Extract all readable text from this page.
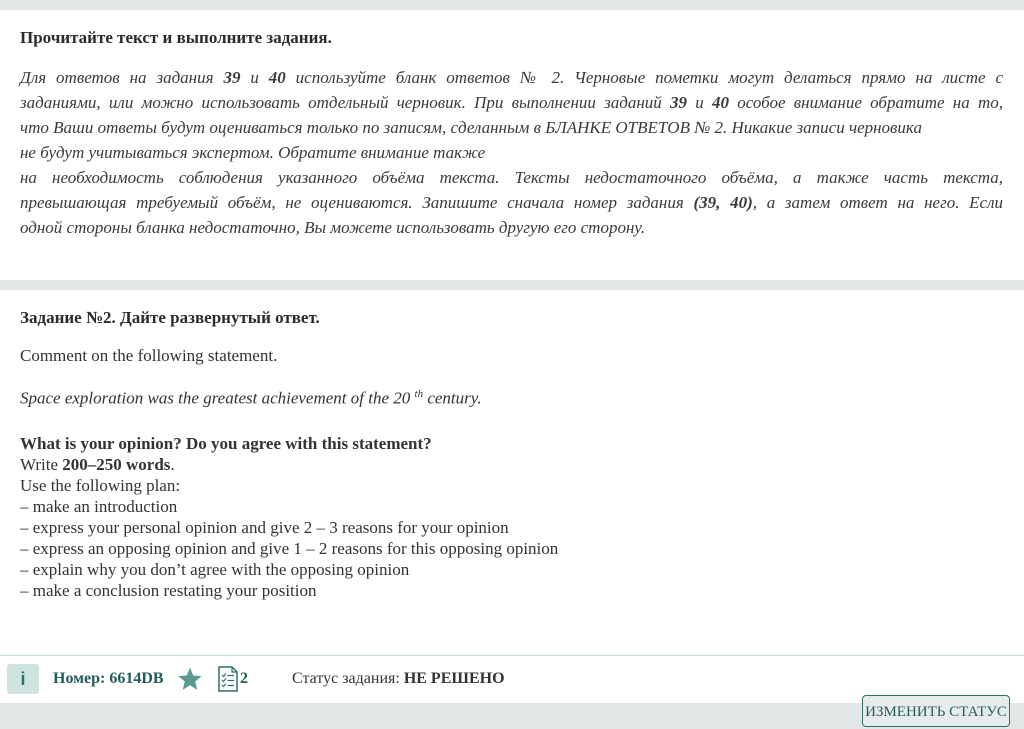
Прочитайте текст и выполните задания.
Для ответов на задания 39 и 40 используйте бланк ответов № 2. Черновые пометки могут делаться прямо на листе с
заданиями, или можно использовать отдельный черновик. При выполнении заданий 39 и 40 особое внимание обратите на то,
что Ваши ответы будут оцениваться только по записям, сделанным в БЛАНКЕ ОТВЕТОВ № 2. Никакие записи черновика
не будут учитываться экспертом. Обратите внимание также
на необходимость соблюдения указанного объёма текста. Тексты недостаточного объёма, а также часть текста,
превышающая требуемый объём, не оцениваются. Запишите сначала номер задания (39, 40), а затем ответ на него. Если
одной стороны бланка недостаточно, Вы можете использовать другую его сторону.
Задание №2. Дайте развернутый ответ.
Comment on the following statement.
Space exploration was the greatest achievement of the 20 $^{th}$ century.
What is your opinion? Do you agree with this statement?
Write 200–250 words.
Use the following plan:
– make an introduction
– express your personal opinion and give 2 – 3 reasons for your opinion
– express an opposing opinion and give 1 – 2 reasons for this opposing opinion
– explain why you don’t agree with the opposing opinion
– make a conclusion restating your position
i	Номер: 6614DB	2	Статус задания: НЕ РЕШЕНО
ИЗМЕНИТЬ СТАТУС
